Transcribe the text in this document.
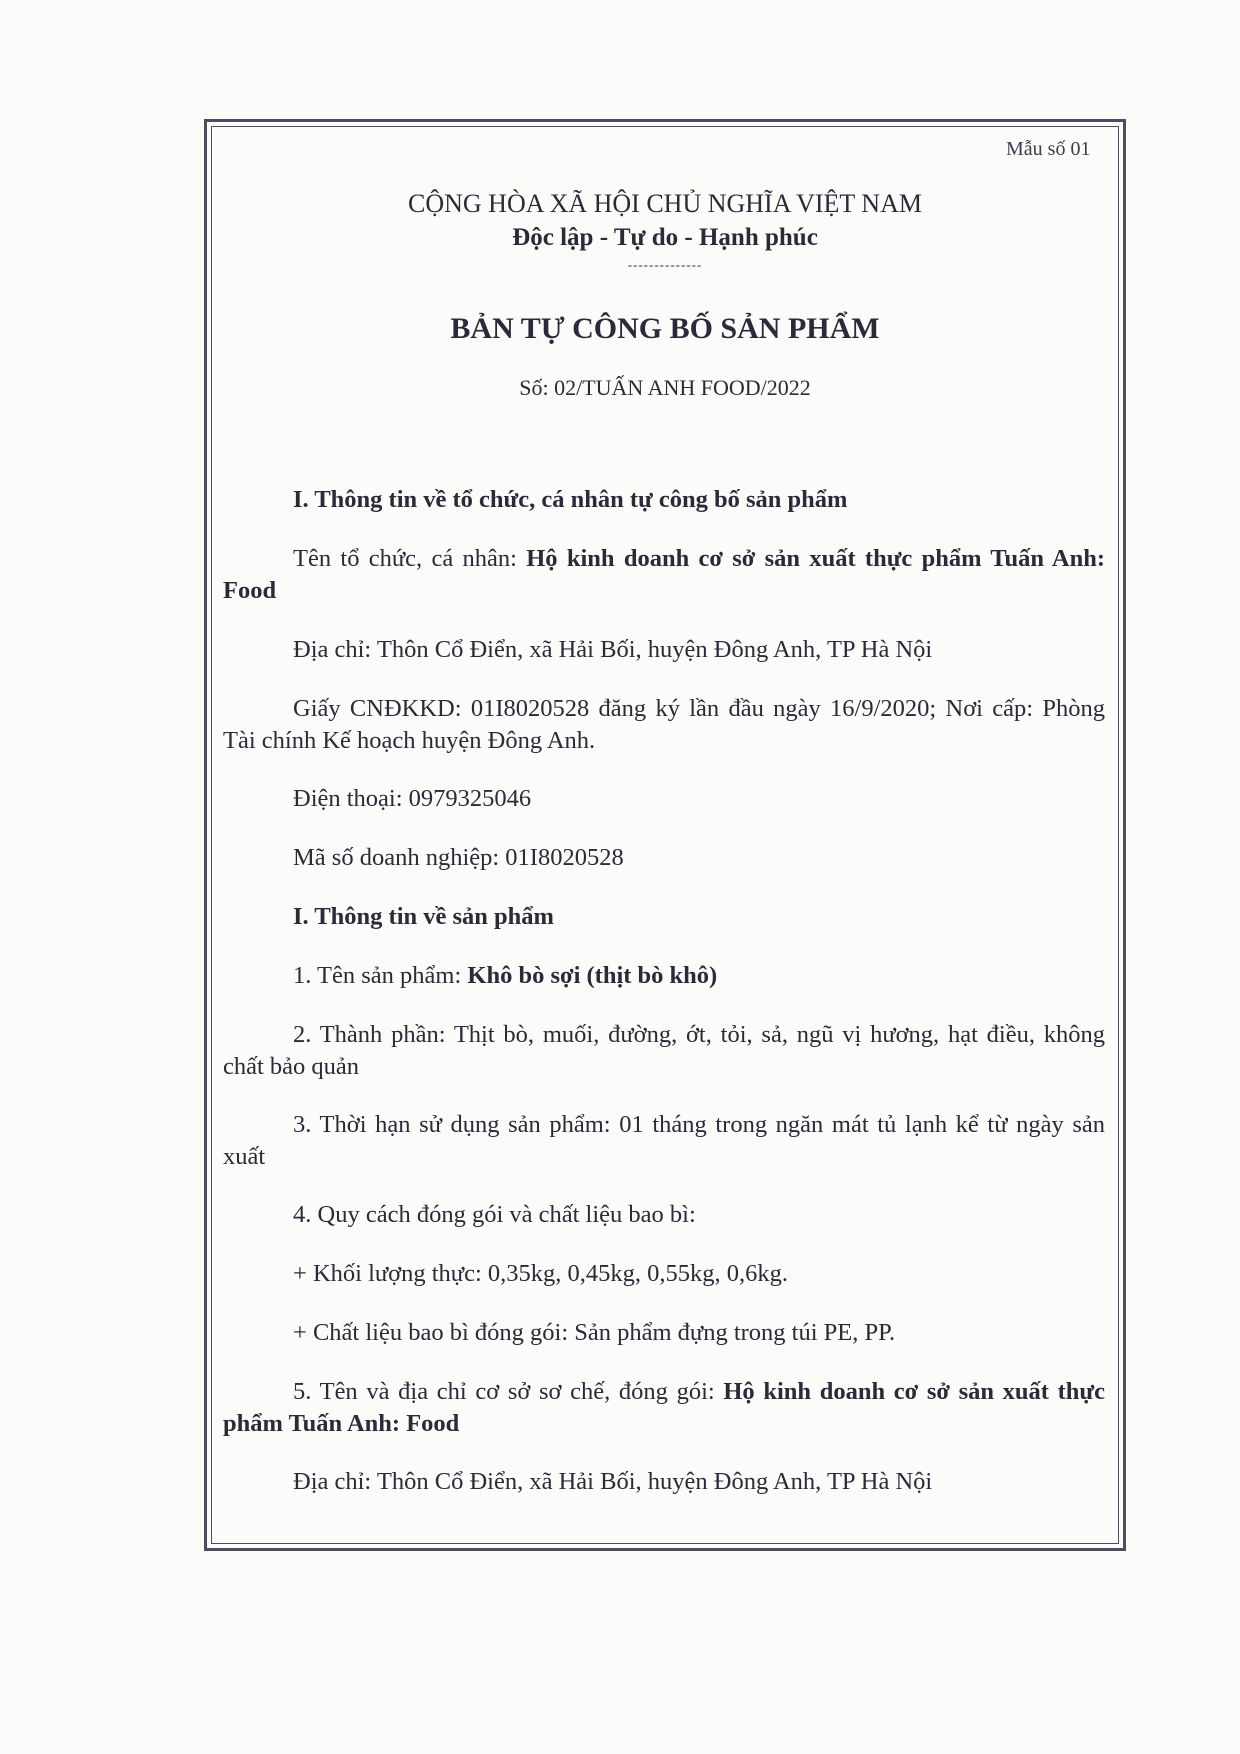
Mẫu số 01
CỘNG HÒA XÃ HỘI CHỦ NGHĨA VIỆT NAM
Độc lập - Tự do - Hạnh phúc
--------------
BẢN TỰ CÔNG BỐ SẢN PHẨM
Số: 02/TUẤN ANH FOOD/2022
I. Thông tin về tổ chức, cá nhân tự công bố sản phẩm
Tên tổ chức, cá nhân: Hộ kinh doanh cơ sở sản xuất thực phẩm Tuấn Anh: Food
Địa chỉ: Thôn Cổ Điển, xã Hải Bối, huyện Đông Anh, TP Hà Nội
Giấy CNĐKKD: 01I8020528 đăng ký lần đầu ngày 16/9/2020; Nơi cấp: Phòng Tài chính Kế hoạch huyện Đông Anh.
Điện thoại: 0979325046
Mã số doanh nghiệp: 01I8020528
I. Thông tin về sản phẩm
1. Tên sản phẩm: Khô bò sợi (thịt bò khô)
2. Thành phần: Thịt bò, muối, đường, ớt, tỏi, sả, ngũ vị hương, hạt điều, không chất bảo quản
3. Thời hạn sử dụng sản phẩm: 01 tháng trong ngăn mát tủ lạnh kể từ ngày sản xuất
4. Quy cách đóng gói và chất liệu bao bì:
+ Khối lượng thực: 0,35kg, 0,45kg, 0,55kg, 0,6kg.
+ Chất liệu bao bì đóng gói: Sản phẩm đựng trong túi PE, PP.
5. Tên và địa chỉ cơ sở sơ chế, đóng gói: Hộ kinh doanh cơ sở sản xuất thực phẩm Tuấn Anh: Food
Địa chỉ: Thôn Cổ Điển, xã Hải Bối, huyện Đông Anh, TP Hà Nội
